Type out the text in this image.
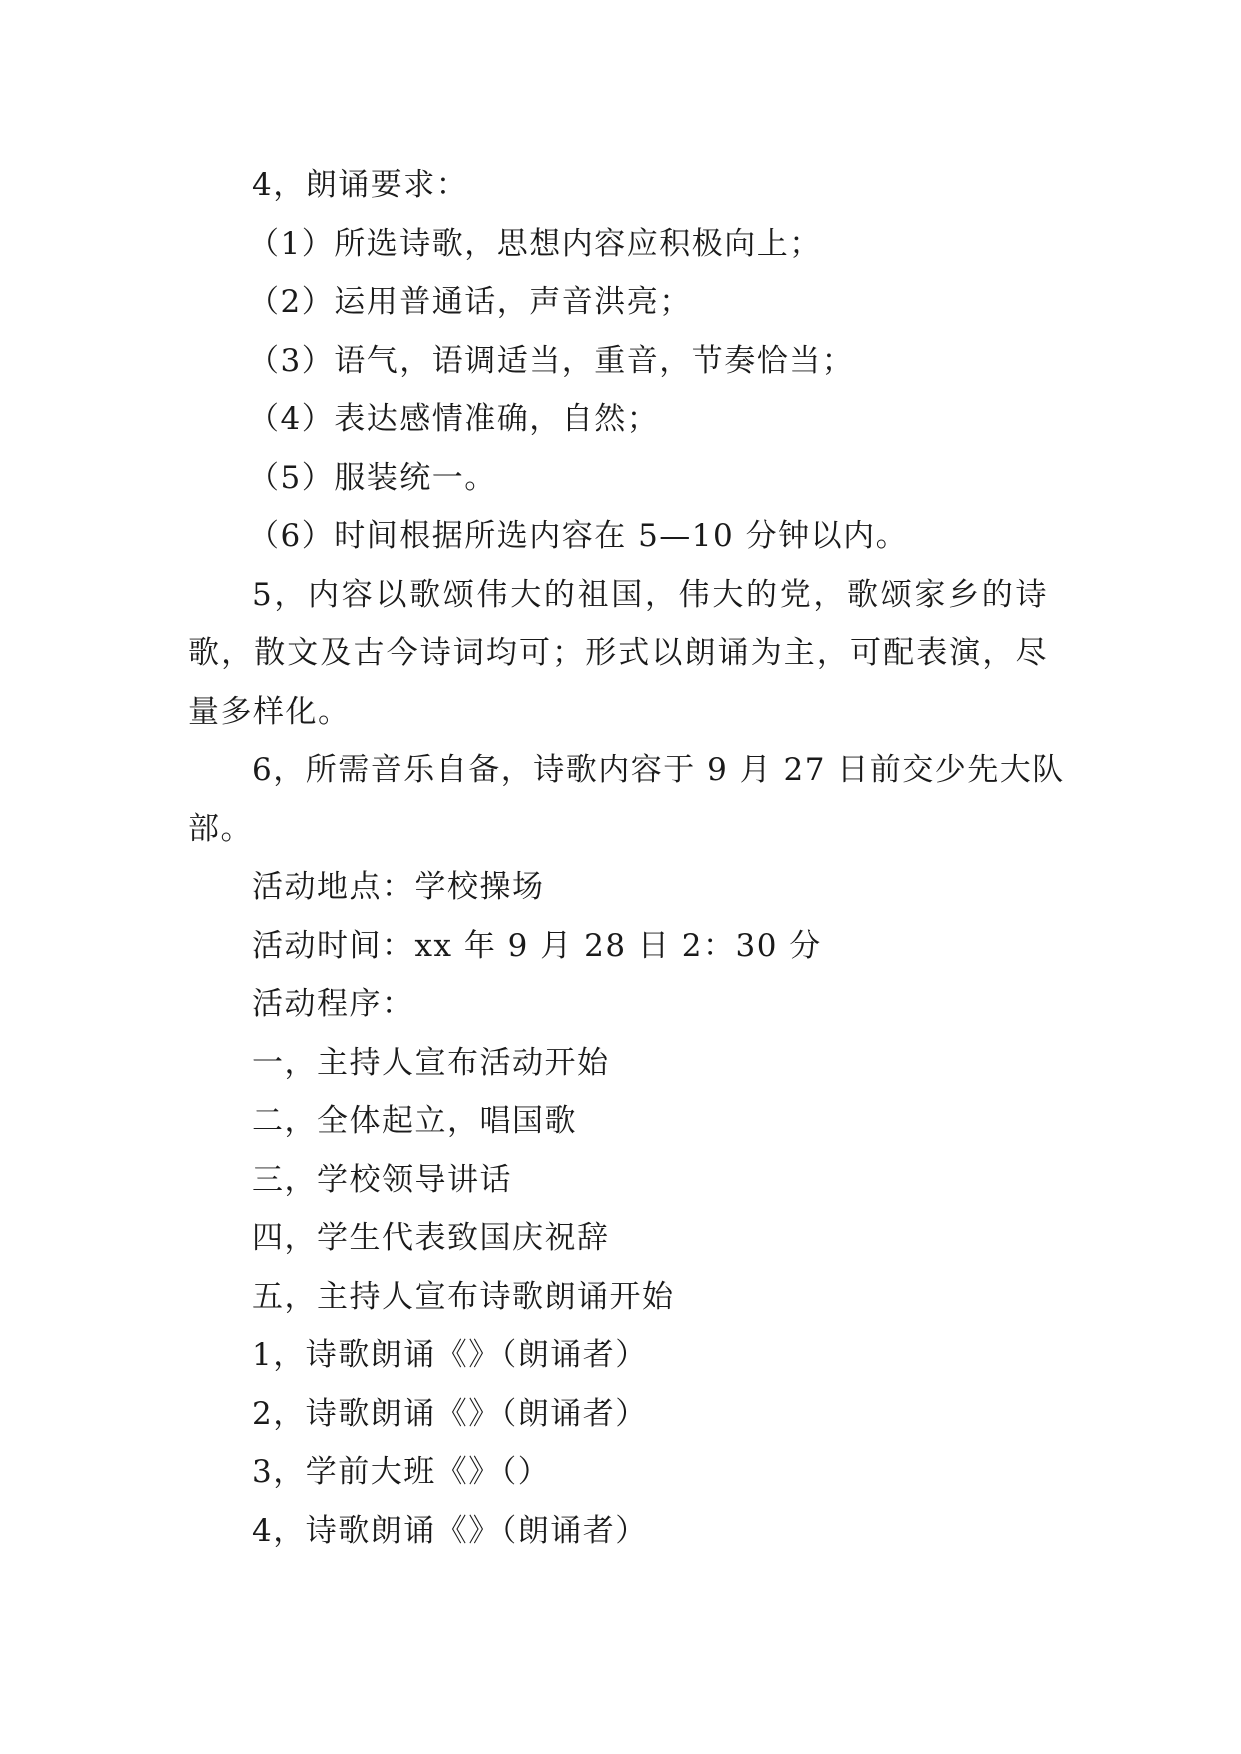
4，朗诵要求：

（1）所选诗歌，思想内容应积极向上；

（2）运用普通话，声音洪亮；

（3）语气，语调适当，重音，节奏恰当；

（4）表达感情准确，自然；

（5）服装统一。

（6）时间根据所选内容在 5—10 分钟以内。

5，内容以歌颂伟大的祖国，伟大的党，歌颂家乡的诗

歌，散文及古今诗词均可；形式以朗诵为主，可配表演，尽

量多样化。

6，所需音乐自备，诗歌内容于 9 月 27 日前交少先大队

部。

活动地点：学校操场

活动时间：xx 年 9 月 28 日 2：30 分

活动程序：

一，主持人宣布活动开始

二，全体起立，唱国歌

三，学校领导讲话

四，学生代表致国庆祝辞

五，主持人宣布诗歌朗诵开始

1，诗歌朗诵《》（朗诵者）

2，诗歌朗诵《》（朗诵者）

3，学前大班《》（）

4，诗歌朗诵《》（朗诵者）
